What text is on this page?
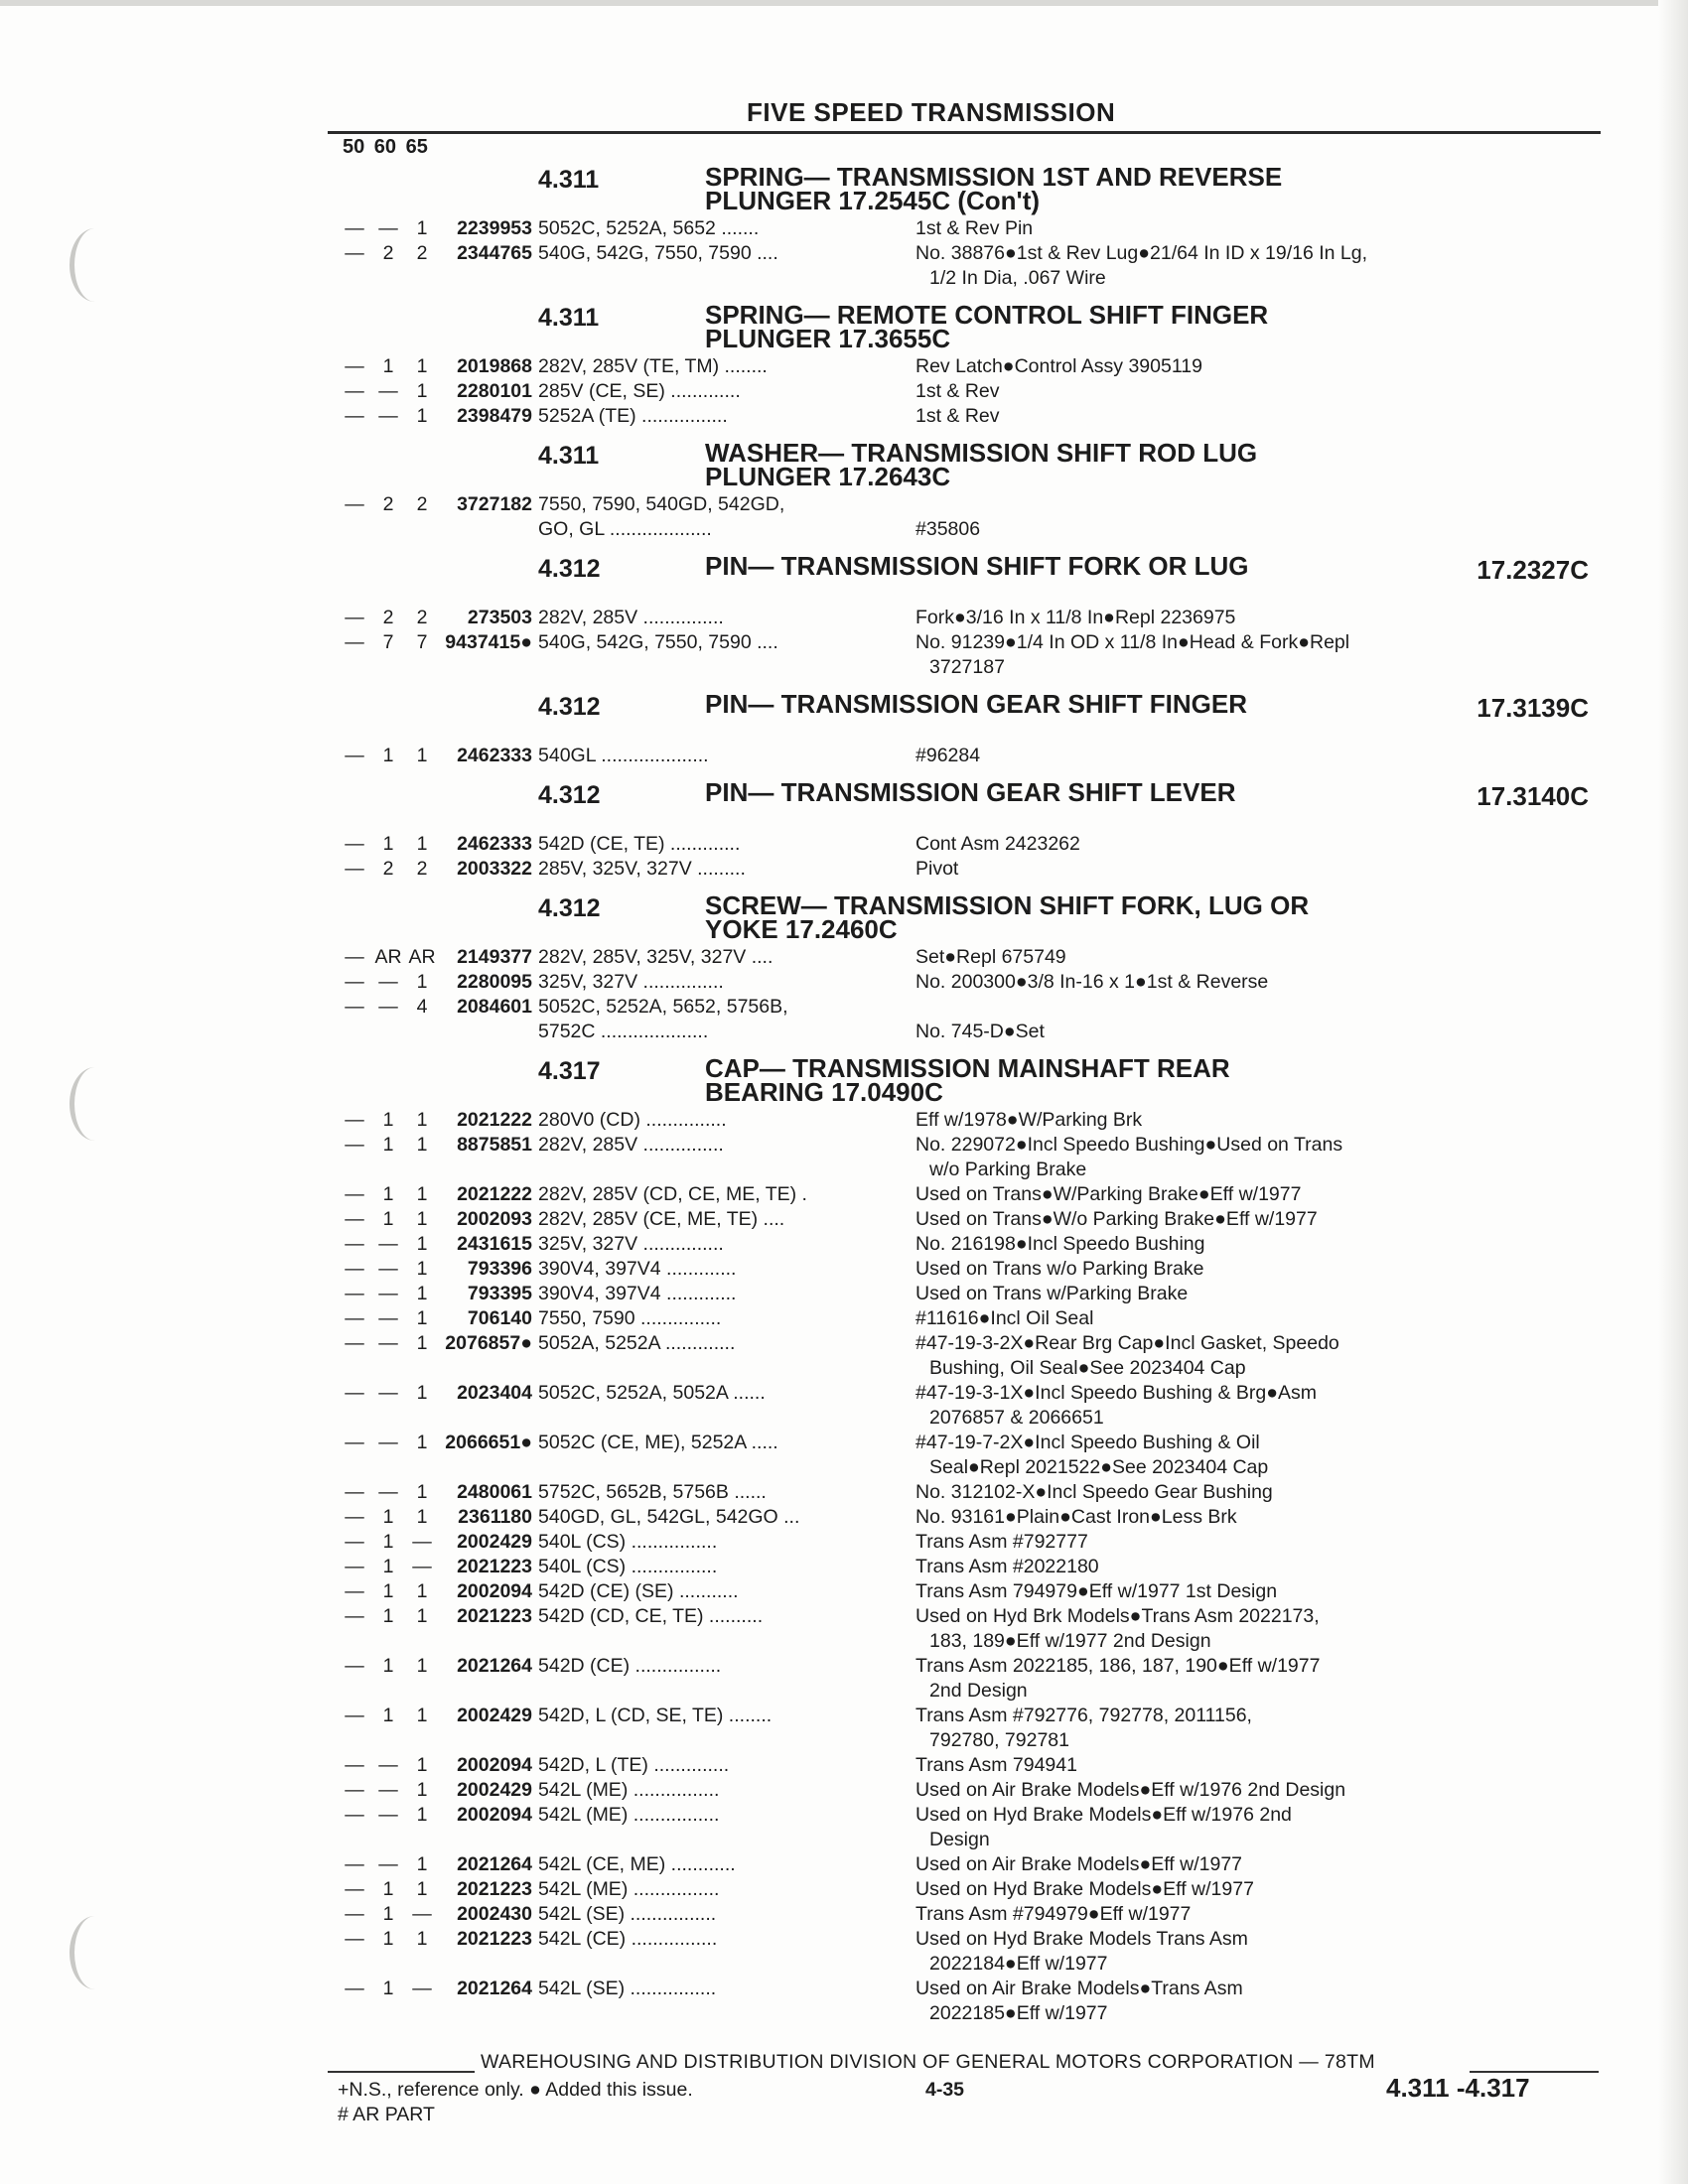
FIVE SPEED TRANSMISSION
50 60 65
4.311	SPRING— TRANSMISSION 1ST AND REVERSE PLUNGER 17.2545C (Con't)
— — 1	2239953 5052C, 5252A, 5652 .......	1st & Rev Pin
— 2	2	2344765 540G, 542G, 7550, 7590 ....	No. 38876●1st & Rev Lug●21/64 In ID x 19/16 In Lg,
1/2 In Dia, .067 Wire
4.311	SPRING— REMOTE CONTROL SHIFT FINGER PLUNGER 17.3655C
— 1	1	2019868 282V, 285V (TE, TM) ........	Rev Latch●Control Assy 3905119
— — 1	2280101 285V (CE, SE) .............	1st & Rev
— — 1	2398479 5252A (TE) ................	1st & Rev
4.311	WASHER— TRANSMISSION SHIFT ROD LUG PLUNGER 17.2643C
— 2	2	3727182 7550, 7590, 540GD, 542GD,
GO, GL ...................	#35806
4.312	PIN— TRANSMISSION SHIFT FORK OR LUG	17.2327C
— 2	2	273503 282V, 285V ...............	Fork●3/16 In x 11/8 In●Repl 2236975
— 7	7 9437415● 540G, 542G, 7550, 7590 ....	No. 91239●1/4 In OD x 11/8 In●Head & Fork●Repl
3727187
4.312	PIN— TRANSMISSION GEAR SHIFT FINGER	17.3139C
— 1	1	2462333 540GL ....................	#96284
4.312	PIN— TRANSMISSION GEAR SHIFT LEVER	17.3140C
— 1	1	2462333 542D (CE, TE) .............	Cont Asm 2423262
— 2	2	2003322 285V, 325V, 327V .........	Pivot
4.312	SCREW— TRANSMISSION SHIFT FORK, LUG OR YOKE 17.2460C
— AR AR	2149377 282V, 285V, 325V, 327V ....	Set●Repl 675749
— — 1	2280095 325V, 327V ...............	No. 200300●3/8 In-16 x 1●1st & Reverse
— — 4	2084601 5052C, 5252A, 5652, 5756B,
5752C ....................	No. 745-D●Set
4.317	CAP— TRANSMISSION MAINSHAFT REAR BEARING 17.0490C
— 1	1	2021222 280V0 (CD) ...............	Eff w/1978●W/Parking Brk
— 1	1	8875851 282V, 285V ...............	No. 229072●Incl Speedo Bushing●Used on Trans
w/o Parking Brake
— 1	1	2021222 282V, 285V (CD, CE, ME, TE) .	Used on Trans●W/Parking Brake●Eff w/1977
— 1	1	2002093 282V, 285V (CE, ME, TE) ....	Used on Trans●W/o Parking Brake●Eff w/1977
— — 1	2431615 325V, 327V ...............	No. 216198●Incl Speedo Bushing
— — 1	793396 390V4, 397V4 .............	Used on Trans w/o Parking Brake
— — 1	793395 390V4, 397V4 .............	Used on Trans w/Parking Brake
— — 1	706140 7550, 7590 ...............	#11616●Incl Oil Seal
— — 1 2076857● 5052A, 5252A .............	#47-19-3-2X●Rear Brg Cap●Incl Gasket, Speedo
Bushing, Oil Seal●See 2023404 Cap
— — 1	2023404 5052C, 5252A, 5052A ......	#47-19-3-1X●Incl Speedo Bushing & Brg●Asm
2076857 & 2066651
— — 1 2066651● 5052C (CE, ME), 5252A .....	#47-19-7-2X●Incl Speedo Bushing & Oil
Seal●Repl 2021522●See 2023404 Cap
— — 1	2480061 5752C, 5652B, 5756B ......	No. 312102-X●Incl Speedo Gear Bushing
— 1	1	2361180 540GD, GL, 542GL, 542GO ...	No. 93161●Plain●Cast Iron●Less Brk
— 1 —	2002429 540L (CS) ................	Trans Asm #792777
— 1 —	2021223 540L (CS) ................	Trans Asm #2022180
— 1	1	2002094 542D (CE) (SE) ...........	Trans Asm 794979●Eff w/1977 1st Design
— 1	1	2021223 542D (CD, CE, TE) ..........	Used on Hyd Brk Models●Trans Asm 2022173,
183, 189●Eff w/1977 2nd Design
— 1	1	2021264 542D (CE) ................	Trans Asm 2022185, 186, 187, 190●Eff w/1977
2nd Design
— 1	1	2002429 542D, L (CD, SE, TE) ........	Trans Asm #792776, 792778, 2011156,
792780, 792781
— — 1	2002094 542D, L (TE) ..............	Trans Asm 794941
— — 1	2002429 542L (ME) ................	Used on Air Brake Models●Eff w/1976 2nd Design
— — 1	2002094 542L (ME) ................	Used on Hyd Brake Models●Eff w/1976 2nd
Design
— — 1	2021264 542L (CE, ME) ............	Used on Air Brake Models●Eff w/1977
— 1	1	2021223 542L (ME) ................	Used on Hyd Brake Models●Eff w/1977
— 1 —	2002430 542L (SE) ................	Trans Asm #794979●Eff w/1977
— 1	1	2021223 542L (CE) ................	Used on Hyd Brake Models Trans Asm
2022184●Eff w/1977
— 1 —	2021264 542L (SE) ................	Used on Air Brake Models●Trans Asm
2022185●Eff w/1977
WAREHOUSING AND DISTRIBUTION DIVISION OF GENERAL MOTORS CORPORATION — 78TM
+N.S., reference only. ● Added this issue.
# AR PART
4-35	4.311 -4.317
